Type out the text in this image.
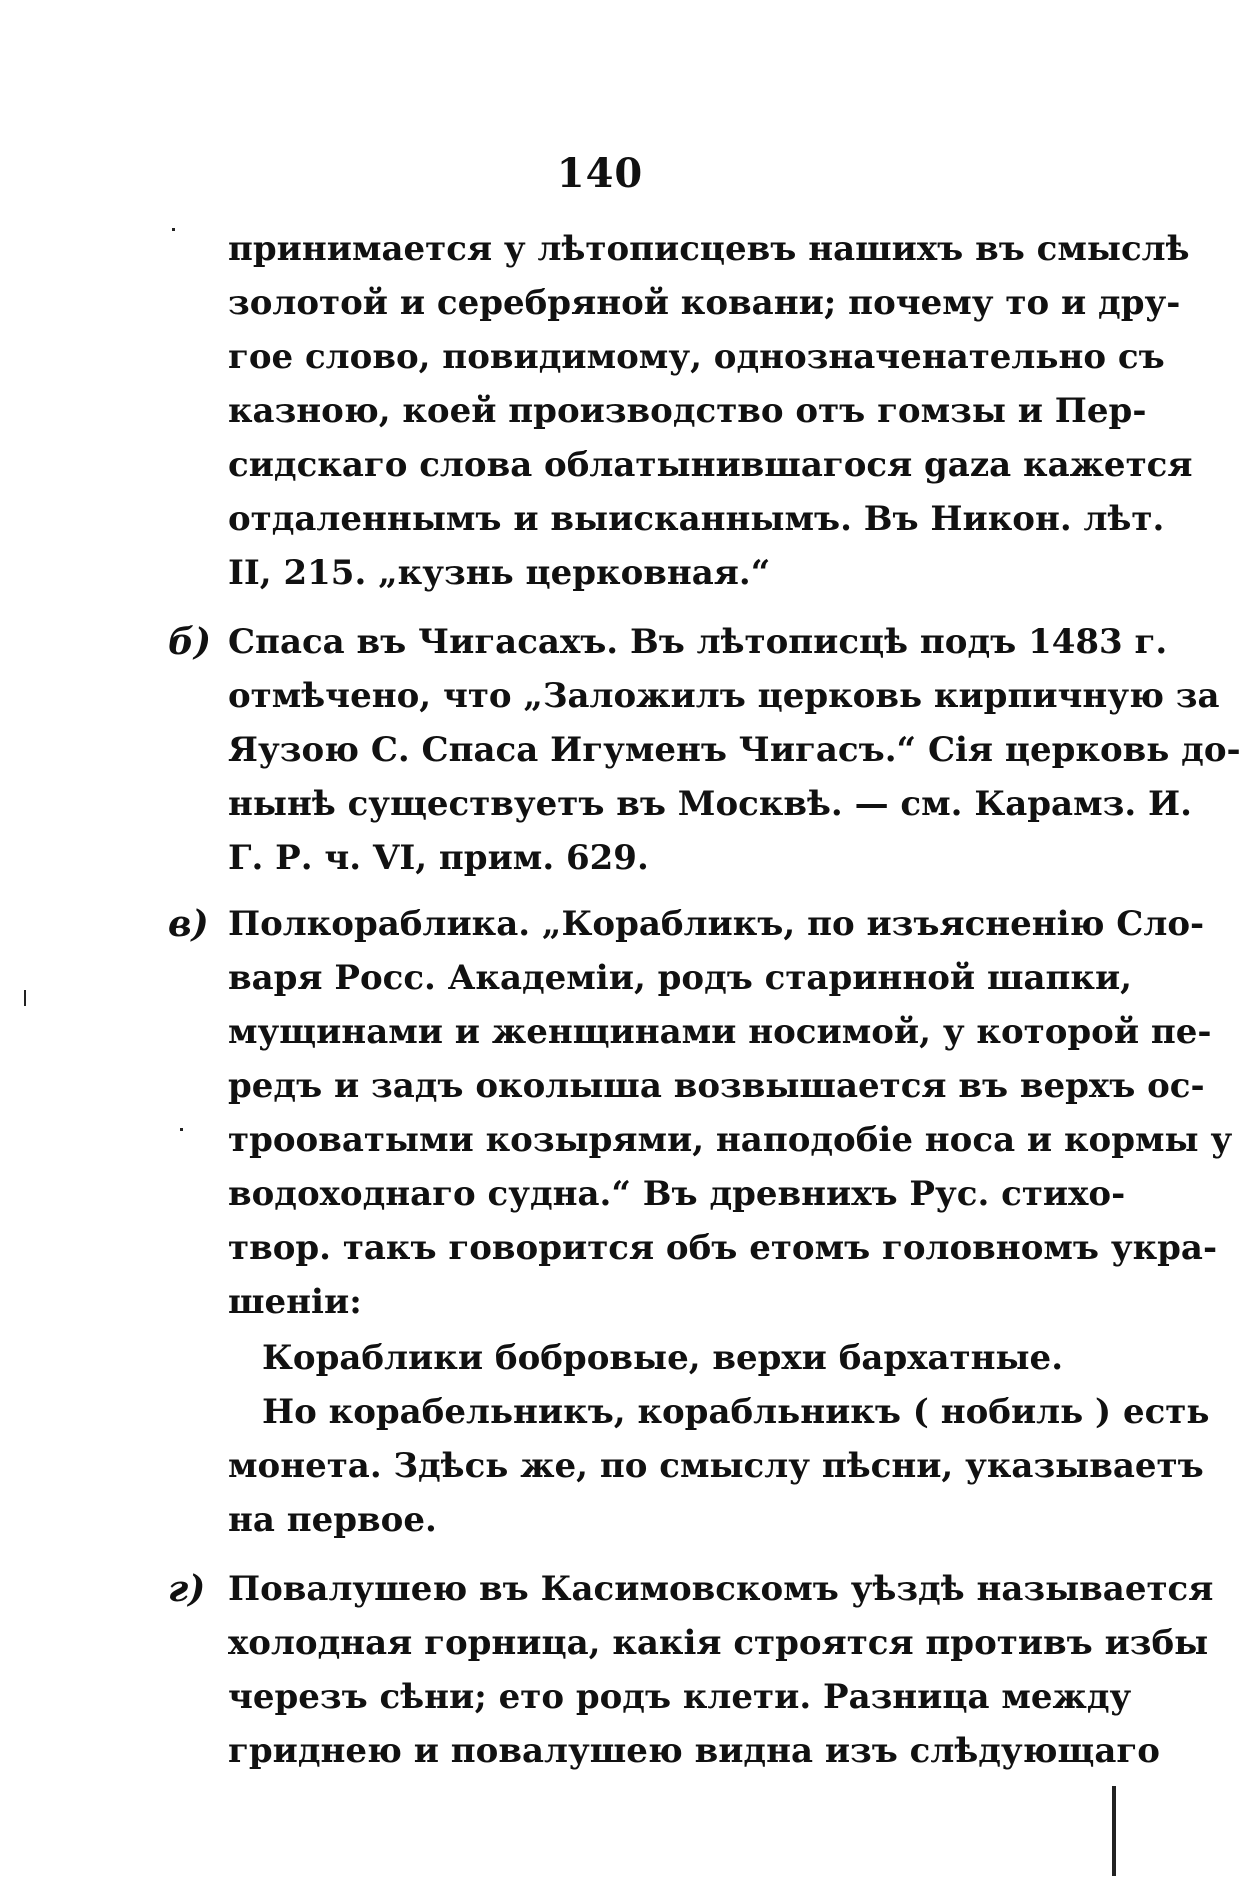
140
принимается у лѣтописцевъ нашихъ въ смыслѣ
золотой и серебряной ковани; почему то и дру-
гое слово, повидимому, однозначенательно съ
казною, коей производство отъ гомзы и Пер-
сидскаго слова облатынившагося gaza кажется
отдаленнымъ и выисканнымъ. Въ Никон. лѣт.
II, 215. „кузнь церковная.“
б) Спаса въ Чигасахъ. Въ лѣтописцѣ подъ 1483 г.
отмѣчено, что „Заложилъ церковь кирпичную за
Яузою С. Спаса Игуменъ Чигасъ.“ Сія церковь до-
нынѣ существуетъ въ Москвѣ. — см. Карамз. И.
Г. Р. ч. VI, прим. 629.
в) Полкораблика. „Корабликъ, по изъясненію Сло-
варя Росс. Академіи, родъ старинной шапки,
мущинами и женщинами носимой, у которой пе-
редъ и задъ околыша возвышается въ верхъ ос-
трооватыми козырями, наподобіе носа и кормы у
водоходнаго судна.“ Въ древнихъ Рус. стихо-
твор. такъ говорится объ етомъ головномъ укра-
шеніи:
Кораблики бобровые, верхи бархатные.
Но корабельникъ, корабльникъ ( нобиль ) есть
монета. Здѣсь же, по смыслу пѣсни, указываетъ
на первое.
г) Повалушею въ Касимовскомъ уѣздѣ называется
холодная горница, какія строятся противъ избы
черезъ сѣни; ето родъ клети. Разница между
гриднею и повалушею видна изъ слѣдующаго
